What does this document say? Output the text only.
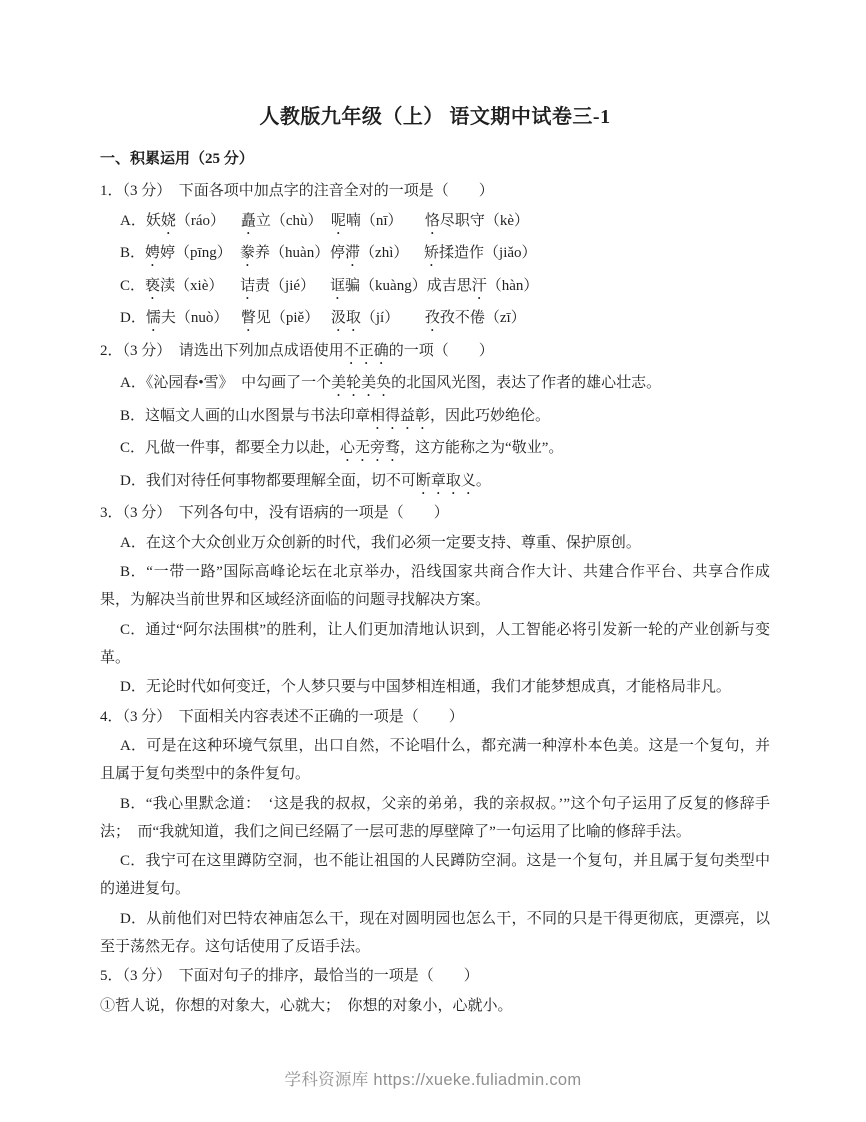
人教版九年级（上） 语文期中试卷三-1
一、积累运用（25 分）

1．（3 分）　下面各项中加点字的注音全对的一项是（　　）

A．妖娆（ráo） 矗立（chù） 呢喃（nī） 恪尽职守（kè）

B．娉婷（pīng） 豢养（huàn）停滞（zhì） 矫揉造作（jiǎo）

C．亵渎（xiè） 诘责（jié） 诓骗（kuàng）成吉思汗（hàn）

D．懦夫（nuò） 瞥见（piě） 汲取（jí） 孜孜不倦（zī）

2．（3 分）　请选出下列加点成语使用不正确的一项（　　）

A．《沁园春•雪》　中勾画了一个美轮美奂的北国风光图，表达了作者的雄心壮志。

B．这幅文人画的山水图景与书法印章相得益彰，因此巧妙绝伦。

C．凡做一件事，都要全力以赴，心无旁骛，这方能称之为“敬业”。

D．我们对待任何事物都要理解全面，切不可断章取义。

3．（3 分）　下列各句中，没有语病的一项是（　　）

A．在这个大众创业万众创新的时代，我们必须一定要支持、尊重、保护原创。

B．“一带一路”国际高峰论坛在北京举办，沿线国家共商合作大计、共建合作平台、共享合作成果，为解决当前世界和区域经济面临的问题寻找解决方案。

C．通过“阿尔法围棋”的胜利，让人们更加清地认识到，人工智能必将引发新一轮的产业创新与变革。

D．无论时代如何变迁，个人梦只要与中国梦相连相通，我们才能梦想成真，才能格局非凡。

4．（3 分）　下面相关内容表述不正确的一项是（　　）

A．可是在这种环境气氛里，出口自然，不论唱什么，都充满一种淳朴本色美。这是一个复句，并且属于复句类型中的条件复句。

B．“我心里默念道：　‘这是我的叔叔，父亲的弟弟，我的亲叔叔。’”这个句子运用了反复的修辞手法；　而“我就知道，我们之间已经隔了一层可悲的厚壁障了”一句运用了比喻的修辞手法。

C．我宁可在这里蹲防空洞，也不能让祖国的人民蹲防空洞。这是一个复句，并且属于复句类型中的递进复句。

D．从前他们对巴特农神庙怎么干，现在对圆明园也怎么干，不同的只是干得更彻底，更漂亮，以至于荡然无存。这句话使用了反语手法。

5．（3 分）　下面对句子的排序，最恰当的一项是（　　）

①哲人说，你想的对象大，心就大；　你想的对象小，心就小。

学科资源库 https://xueke.fuliadmin.com
